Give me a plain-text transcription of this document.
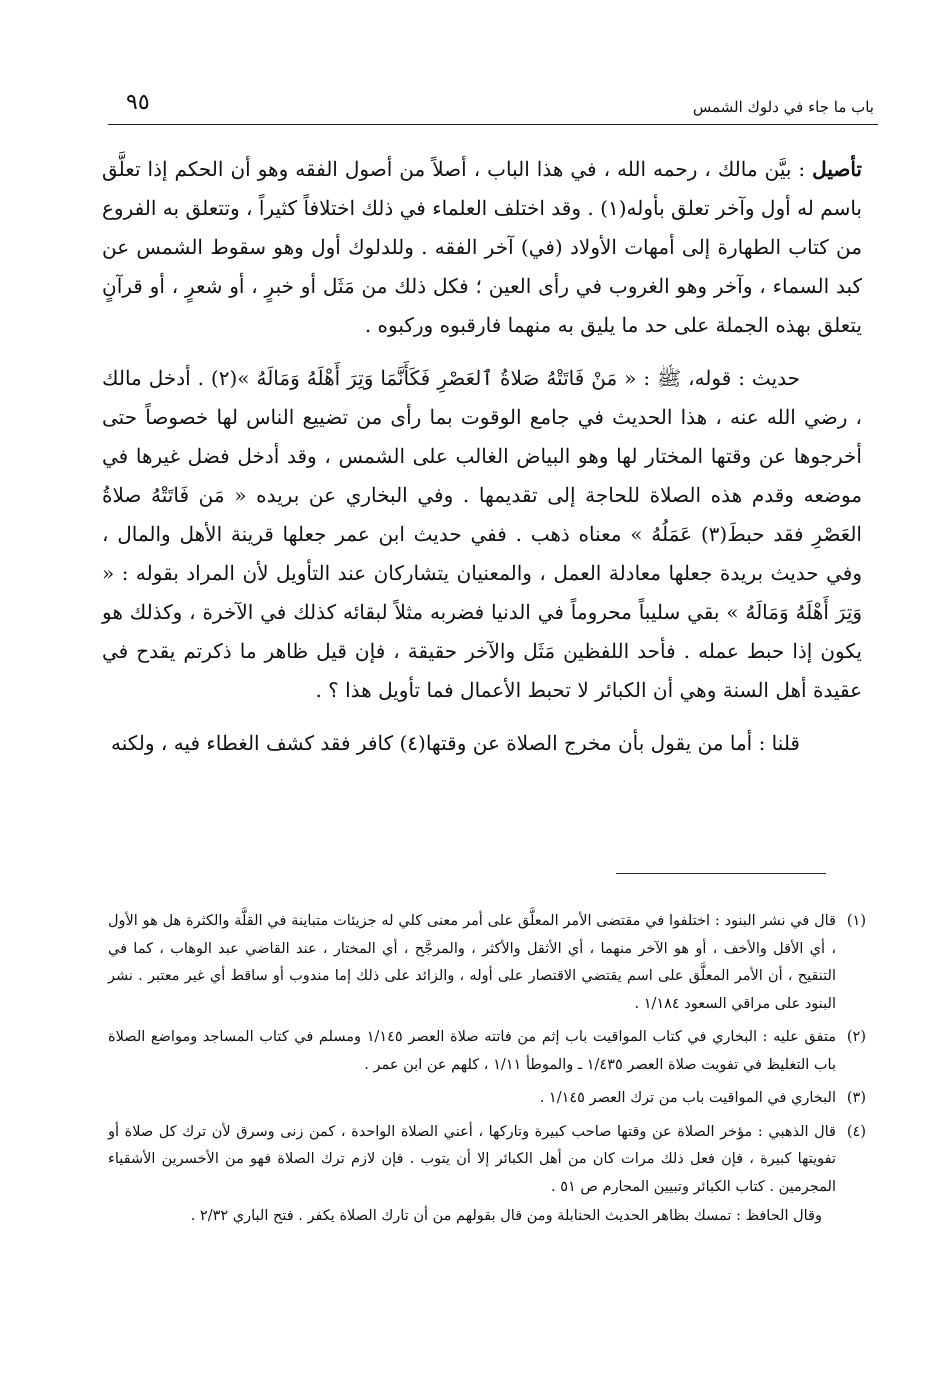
٩٥	باب ما جاء في دلوك الشمس

تأصيل : بيَّن مالك ، رحمه الله ، في هذا الباب ، أصلاً من أصول الفقه وهو أن الحكم إذا تعلَّق باسم له أول وآخر تعلق بأوله(١) . وقد اختلف العلماء في ذلك اختلافاً كثيراً ، وتتعلق به الفروع من كتاب الطهارة إلى أمهات الأولاد (في) آخر الفقه . وللدلوك أول وهو سقوط الشمس عن كبد السماء ، وآخر وهو الغروب في رأى العين ؛ فكل ذلك من مَثَل أو خبرٍ ، أو شعرٍ ، أو قرآنٍ يتعلق بهذه الجملة على حد ما يليق به منهما فارقبوه وركبوه .

حديث : قوله، ﷺ : « مَنْ فَاتَتْهُ صَلاةُ ٱلعَصْرِ فَكَأَنَّمَا وَتِرَ أَهْلَهُ وَمَالَهُ »(٢) . أدخل مالك ، رضي الله عنه ، هذا الحديث في جامع الوقوت بما رأى من تضييع الناس لها خصوصاً حتى أخرجوها عن وقتها المختار لها وهو البياض الغالب على الشمس ، وقد أدخل فضل غيرها في موضعه وقدم هذه الصلاة للحاجة إلى تقديمها . وفي البخاري عن بريده « مَن فَاتَتْهُ صلاةُ العَصْرِ فقد حبطَ(٣) عَمَلُهُ » معناه ذهب . ففي حديث ابن عمر جعلها قرينة الأهل والمال ، وفي حديث بريدة جعلها معادلة العمل ، والمعنيان يتشاركان عند التأويل لأن المراد بقوله : « وَتِرَ أَهْلَهُ وَمَالَهُ » بقي سليباً محروماً في الدنيا فضربه مثلاً لبقائه كذلك في الآخرة ، وكذلك هو يكون إذا حبط عمله . فأحد اللفظين مَثَل والآخر حقيقة ، فإن قيل ظاهر ما ذكرتم يقدح في عقيدة أهل السنة وهي أن الكبائر لا تحبط الأعمال فما تأويل هذا ؟ .

قلنا : أما من يقول بأن مخرج الصلاة عن وقتها(٤) كافر فقد كشف الغطاء فيه ، ولكنه

(١)
قال في نشر البنود : اختلفوا في مقتضى الأمر المعلَّق على أمر معنى كلي له جزيئات متباينة في القلَّة والكثرة هل هو الأول ، أي الأقل والأخف ، أو هو الآخر منهما ، أي الأثقل والأكثر ، والمرجَّح ، أي المختار ، عند القاضي عبد الوهاب ، كما في التنقيح ، أن الأمر المعلَّق على اسم يقتضي الاقتصار على أوله ، والزائد على ذلك إما مندوب أو ساقط أي غير معتبر . نشر البنود على مراقي السعود ١/١٨٤ .

(٢)
متفق عليه : البخاري في كتاب المواقيت باب إثم من فاتته صلاة العصر ١/١٤٥ ومسلم في كتاب المساجد ومواضع الصلاة باب التغليظ في تفويت صلاة العصر ١/٤٣٥ ـ والموطأ ١/١١ ، كلهم عن ابن عمر .

(٣)
البخاري في المواقيت باب من ترك العصر ١/١٤٥ .

(٤)
قال الذهبي : مؤخر الصلاة عن وقتها صاحب كبيرة وتاركها ، أعني الصلاة الواحدة ، كمن زنى وسرق لأن ترك كل صلاة أو تفويتها كبيرة ، فإن فعل ذلك مرات كان من أهل الكبائر إلا أن يتوب . فإن لازم ترك الصلاة فهو من الأخسرين الأشقياء المجرمين . كتاب الكبائر وتبيين المحارم ص ٥١ .

وقال الحافظ : تمسك بظاهر الحديث الحنابلة ومن قال بقولهم من أن تارك الصلاة يكفر . فتح الباري ٢/٣٢ .
